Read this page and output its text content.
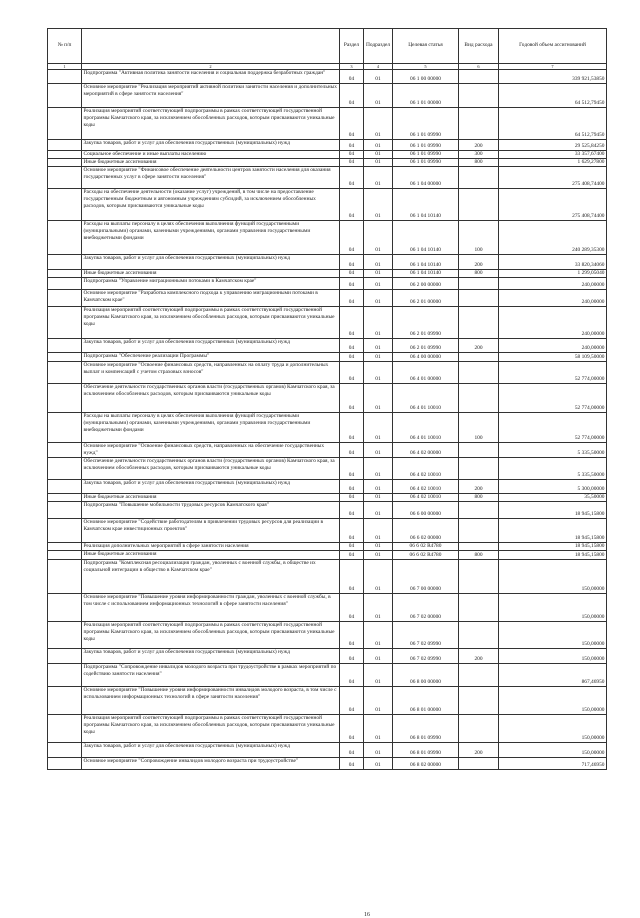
№ п/п		Раздел	Подраздел	Целевая статья	Вид расхода	Годовой объем ассигнований
1	2	3	4	5	6	7
	Подпрограмма "Активная политика занятости населения и социальная поддержка безработных граждан"	04	01	06 1 00 00000		339 921,53850
	Основное мероприятие "Реализация мероприятий активной политики занятости населения и дополнительных мероприятий в сфере занятости населения"	04	01	06 1 01 00000		64 512,79450
	Реализация мероприятий соответствующей подпрограммы в рамках соответствующей государственной программы Камчатского края, за исключением обособленных расходов, которым присваиваются уникальные коды	04	01	06 1 01 09990		64 512,79450
	Закупка товаров, работ и услуг для обеспечения государственных (муниципальных) нужд	04	01	06 1 01 09990	200	29 525,84250
	Социальное обеспечение и иные выплаты населению	04	01	06 1 01 09990	300	33 357,67400
	Иные бюджетные ассигнования	04	01	06 1 01 09990	800	1 629,27800
	Основное мероприятие "Финансовое обеспечение деятельности центров занятости населения для оказания государственных услуг в сфере занятости населения"	04	01	06 1 04 00000		275 408,74400
	Расходы на обеспечение деятельности (оказание услуг) учреждений, в том числе на предоставление государственным бюджетным и автономным учреждениям субсидий, за исключением обособленных расходов, которым присваиваются уникальные коды	04	01	06 1 04 10140		275 408,74400
	Расходы на выплаты персоналу в целях обеспечения выполнения функций государственными (муниципальными) органами, казенными учреждениями, органами управления государственными внебюджетными фондами	04	01	06 1 04 10140	100	240 289,35300
	Закупка товаров, работ и услуг для обеспечения государственных (муниципальных) нужд	04	01	06 1 04 10140	200	33 820,34060
	Иные бюджетные ассигнования	04	01	06 1 04 10140	800	1 299,05040
	Подпрограмма "Управление миграционными потоками в Камчатском крае"	04	01	06 2 00 00000		240,00000
	Основное мероприятие "Разработка комплексного подхода к управлению миграционными потоками в Камчатском крае"	04	01	06 2 01 00000		240,00000
	Реализация мероприятий соответствующей подпрограммы в рамках соответствующей государственной программы Камчатского края, за исключением обособленных расходов, которым присваиваются уникальные коды	04	01	06 2 01 09990		240,00000
	Закупка товаров, работ и услуг для обеспечения государственных (муниципальных) нужд	04	01	06 2 01 09990	200	240,00000
	Подпрограмма "Обеспечение реализации Программы"	04	01	06 4 00 00000		58 109,50000
	Основное мероприятие "Освоение финансовых средств, направленных на оплату труда и дополнительных выплат и компенсаций с учетом страховых взносов"	04	01	06 4 01 00000		52 774,00000
	Обеспечение деятельности государственных органов власти (государственных органов) Камчатского края, за исключением обособленных расходов, которым присваиваются уникальные коды	04	01	06 4 01 10010		52 774,00000
	Расходы на выплаты персоналу в целях обеспечения выполнения функций государственными (муниципальными) органами, казенными учреждениями, органами управления государственными внебюджетными фондами	04	01	06 4 01 10010	100	52 774,00000
	Основное мероприятие "Освоение финансовых средств, направленных на обеспечение государственных нужд"	04	01	06 4 02 00000		5 335,50000
	Обеспечение деятельности государственных органов власти (государственных органов) Камчатского края, за исключением обособленных расходов, которым присваиваются уникальные коды	04	01	06 4 02 10010		5 335,50000
	Закупка товаров, работ и услуг для обеспечения государственных (муниципальных) нужд	04	01	06 4 02 10010	200	5 300,00000
	Иные бюджетные ассигнования	04	01	06 4 02 10010	800	35,50000
	Подпрограмма "Повышение мобильности трудовых ресурсов Камчатского края"	04	01	06 6 00 00000		18 945,15800
	Основное мероприятие "Содействие работодателям в привлечении трудовых ресурсов для реализации в Камчатском крае инвестиционных проектов"	04	01	06 6 02 00000		18 945,15800
	Реализация дополнительных мероприятий в сфере занятости населения	04	01	06 6 02 R4780		18 945,15800
	Иные бюджетные ассигнования	04	01	06 6 02 R4780	800	18 945,15800
	Подпрограмма "Комплексная ресоциализация граждан, уволенных с военной службы, в обществе их социальной интеграции в общество в Камчатском крае"	04	01	06 7 00 00000		150,00000
	Основное мероприятие "Повышение уровня информированности граждан, уволенных с военной службы, в том числе с использованием информационных технологий в сфере занятости населения"	04	01	06 7 02 00000		150,00000
	Реализация мероприятий соответствующей подпрограммы в рамках соответствующей государственной программы Камчатского края, за исключением обособленных расходов, которым присваиваются уникальные коды	04	01	06 7 02 09990		150,00000
	Закупка товаров, работ и услуг для обеспечения государственных (муниципальных) нужд	04	01	06 7 02 09990	200	150,00000
	Подпрограмма "Сопровождение инвалидов молодого возраста при трудоустройстве в рамках мероприятий по содействию занятости населения"	04	01	06 8 00 00000		867,46950
	Основное мероприятие "Повышение уровня информированности инвалидов молодого возраста, в том числе с использованием информационных технологий в сфере занятости населения"	04	01	06 8 01 00000		150,00000
	Реализация мероприятий соответствующей подпрограммы в рамках соответствующей государственной программы Камчатского края, за исключением обособленных расходов, которым присваиваются уникальные коды	04	01	06 8 01 09990		150,00000
	Закупка товаров, работ и услуг для обеспечения государственных (муниципальных) нужд	04	01	06 8 01 09990	200	150,00000
	Основное мероприятие "Сопровождение инвалидов молодого возраста при трудоустройстве"	04	01	06 8 02 00000		717,46950
16
